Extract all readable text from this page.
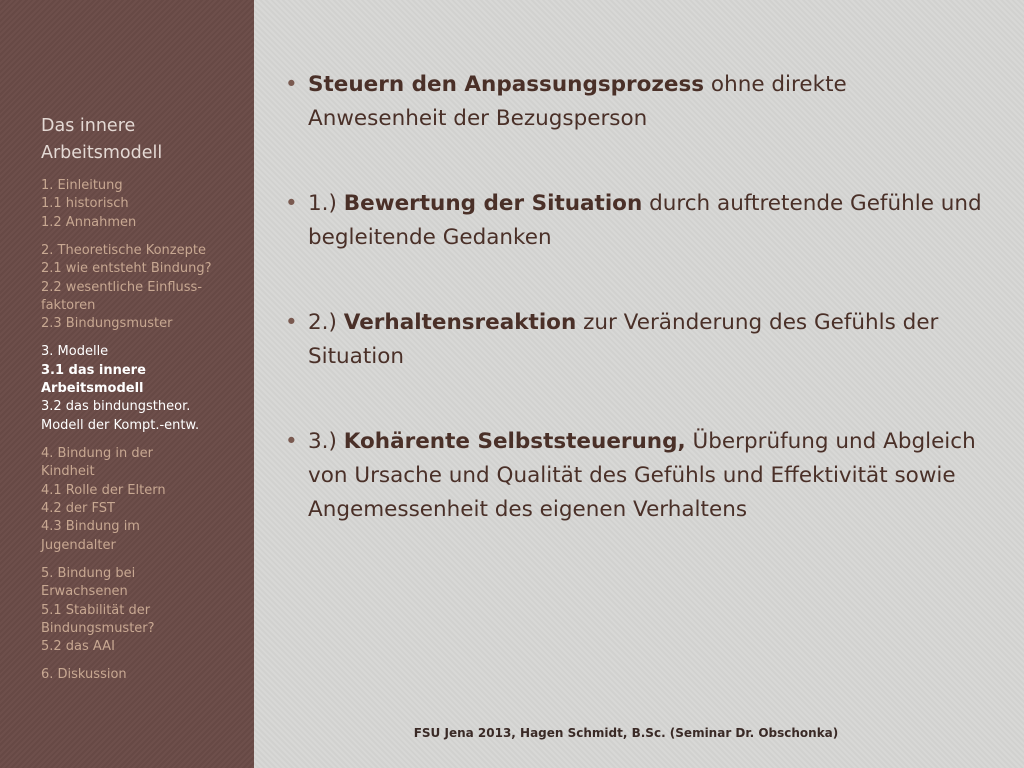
Das innere Arbeitsmodell
1. Einleitung
1.1 historisch
1.2 Annahmen
2. Theoretische Konzepte
2.1 wie entsteht Bindung?
2.2 wesentliche Einfluss-
faktoren
2.3 Bindungsmuster
3. Modelle
3.1 das innere
Arbeitsmodell
3.2 das bindungstheor.
Modell der Kompt.-entw.
4. Bindung in der
Kindheit
4.1 Rolle der Eltern
4.2 der FST
4.3 Bindung im
Jugendalter
5. Bindung bei
Erwachsenen
5.1 Stabilität der
Bindungsmuster?
5.2 das AAI
6. Diskussion
• Steuern den Anpassungsprozess ohne direkte Anwesenheit der Bezugsperson
• 1.) Bewertung der Situation durch auftretende Gefühle und begleitende Gedanken
• 2.) Verhaltensreaktion zur Veränderung des Gefühls der Situation
• 3.) Kohärente Selbststeuerung, Überprüfung und Abgleich von Ursache und Qualität des Gefühls und Effektivität sowie Angemessenheit des eigenen Verhaltens
FSU Jena 2013, Hagen Schmidt, B.Sc. (Seminar Dr. Obschonka)
